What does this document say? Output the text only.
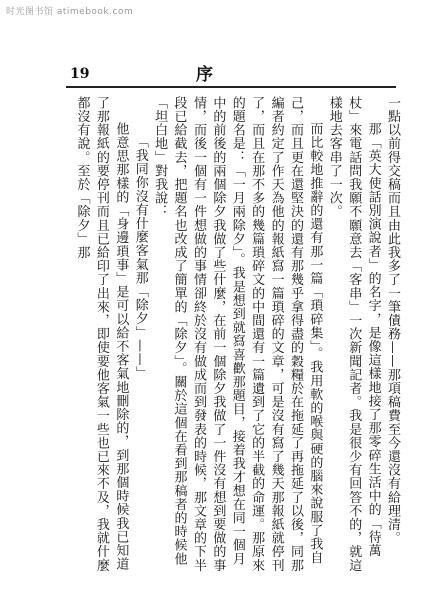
时光图书馆 atimebook.com
19	序

一點以前得交稿而且由此我多了一筆債務——那項稿費至今還沒有給理清。

那「英大使話別演說者」的名字，是像這樣地接了那零碎生活中的「待萬杖」來電話問我願不願意去「客串」一次新聞記者。我是很少有回答不的，就這樣地去客串了一次。

而比較地推辭的還有那一篇「瑣碎集」。我用軟的喉與硬的腦來說服了我自己，而且更在還堅決的還有那幾乎拿得盡的穀糧於在拖延了再拖延了以後，同那編者約定了作天為他的報紙寫一篇瑣碎的文章，可是沒有寫了幾天那報紙就停刊了，而且在那不多的幾篇瑣碎文的中間還有一篇遺到了它的半截的命運。那原來的題名是：「一月兩除夕」。我是想到就寫喜歡那題目，接着我才想在同一個月中的前後的兩個除夕我做了些什麼，在前一個除夕我做了一件沒有想到要做的事情，而後一個有一件想做的事情卻終於沒有做成而到發表的時候，那文章的下半段已給截去，把題名也改成了簡單的「除夕」。關於這個在看到那稿者的時候他「坦白地」對我說：

「我同你沒有什麼客氣那「除夕」——」

他意思那樣的「身邊瑣事」是可以給不客氣地刪除的，到那個時候我已知道了那報紙的要停刊而且已給印了出來，即使要他客氣一些也已來不及，我就什麼都沒有說。至於「除夕」那
